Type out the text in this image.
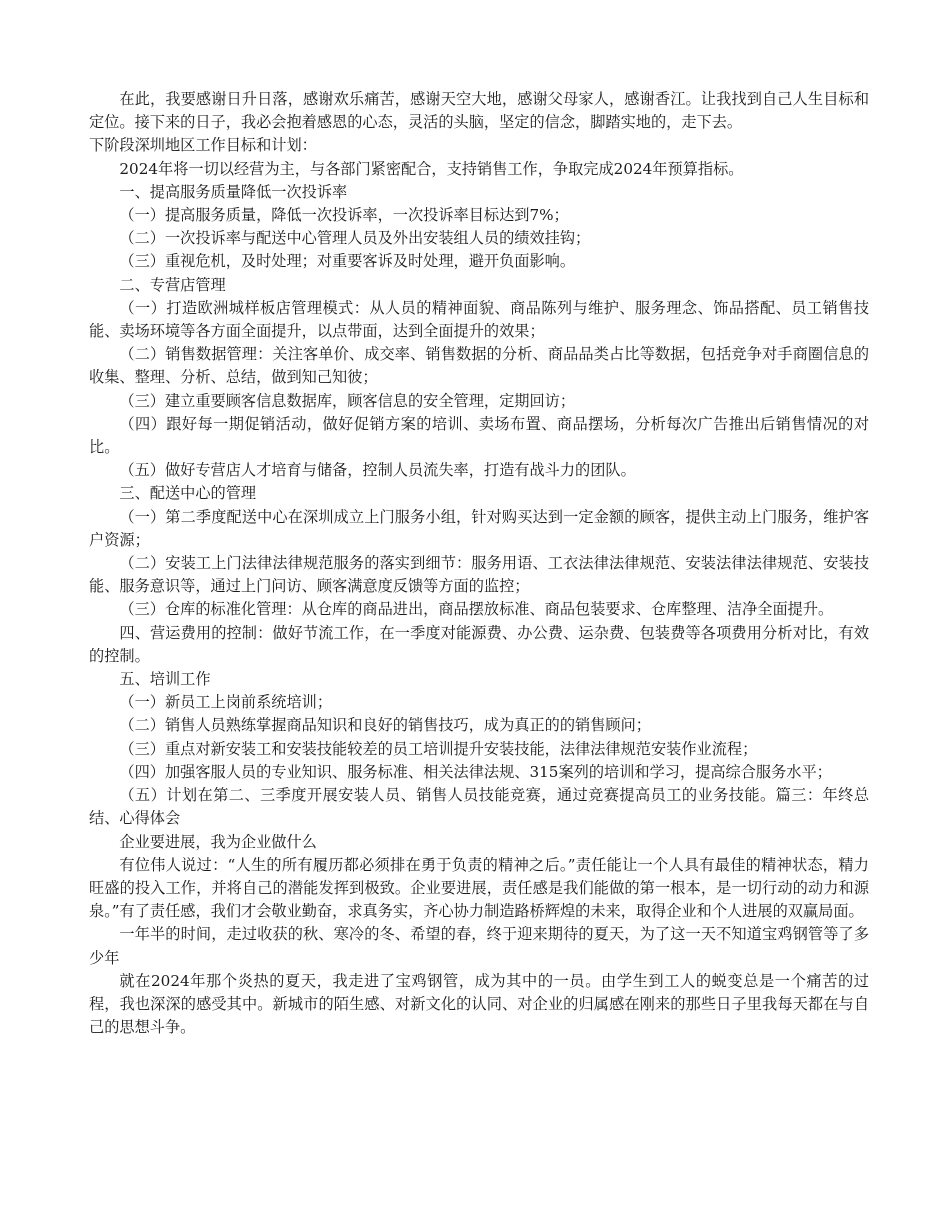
在此，我要感谢日升日落，感谢欢乐痛苦，感谢天空大地，感谢父母家人，感谢香江。让我找到自己人生目标和定位。接下来的日子，我必会抱着感恩的心态，灵活的头脑，坚定的信念，脚踏实地的，走下去。

下阶段深圳地区工作目标和计划：

2024年将一切以经营为主，与各部门紧密配合，支持销售工作，争取完成2024年预算指标。

一、提高服务质量降低一次投诉率

（一）提高服务质量，降低一次投诉率，一次投诉率目标达到7%；

（二）一次投诉率与配送中心管理人员及外出安装组人员的绩效挂钩；

（三）重视危机，及时处理；对重要客诉及时处理，避开负面影响。

二、专营店管理

（一）打造欧洲城样板店管理模式：从人员的精神面貌、商品陈列与维护、服务理念、饰品搭配、员工销售技能、卖场环境等各方面全面提升，以点带面，达到全面提升的效果；

（二）销售数据管理：关注客单价、成交率、销售数据的分析、商品品类占比等数据，包括竞争对手商圈信息的收集、整理、分析、总结，做到知己知彼；

（三）建立重要顾客信息数据库，顾客信息的安全管理，定期回访；

（四）跟好每一期促销活动，做好促销方案的培训、卖场布置、商品摆场，分析每次广告推出后销售情况的对比。

（五）做好专营店人才培育与储备，控制人员流失率，打造有战斗力的团队。

三、配送中心的管理

（一）第二季度配送中心在深圳成立上门服务小组，针对购买达到一定金额的顾客，提供主动上门服务，维护客户资源；

（二）安装工上门法律法律规范服务的落实到细节：服务用语、工衣法律法律规范、安装法律法律规范、安装技能、服务意识等，通过上门问访、顾客满意度反馈等方面的监控；

（三）仓库的标准化管理：从仓库的商品进出，商品摆放标准、商品包装要求、仓库整理、洁净全面提升。

四、营运费用的控制：做好节流工作，在一季度对能源费、办公费、运杂费、包装费等各项费用分析对比，有效的控制。

五、培训工作

（一）新员工上岗前系统培训；

（二）销售人员熟练掌握商品知识和良好的销售技巧，成为真正的的销售顾问；

（三）重点对新安装工和安装技能较差的员工培训提升安装技能，法律法律规范安装作业流程；

（四）加强客服人员的专业知识、服务标准、相关法律法规、315案列的培训和学习，提高综合服务水平；

（五）计划在第二、三季度开展安装人员、销售人员技能竞赛，通过竞赛提高员工的业务技能。篇三：年终总结、心得体会

企业要进展，我为企业做什么

有位伟人说过：“人生的所有履历都必须排在勇于负责的精神之后。”责任能让一个人具有最佳的精神状态，精力旺盛的投入工作，并将自己的潜能发挥到极致。企业要进展，责任感是我们能做的第一根本，是一切行动的动力和源泉。”有了责任感，我们才会敬业勤奋，求真务实，齐心协力制造路桥辉煌的未来，取得企业和个人进展的双赢局面。

一年半的时间，走过收获的秋、寒冷的冬、希望的春，终于迎来期待的夏天，为了这一天不知道宝鸡钢管等了多少年

就在2024年那个炎热的夏天，我走进了宝鸡钢管，成为其中的一员。由学生到工人的蜕变总是一个痛苦的过程，我也深深的感受其中。新城市的陌生感、对新文化的认同、对企业的归属感在刚来的那些日子里我每天都在与自己的思想斗争。
